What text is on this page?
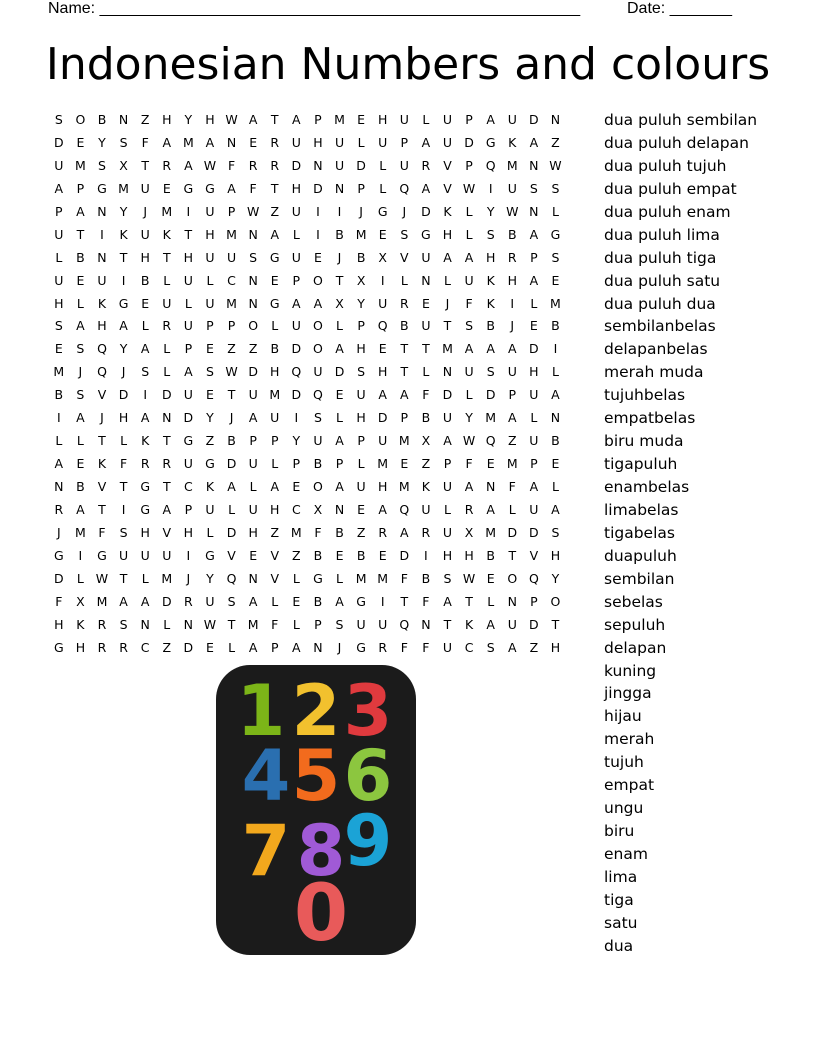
Name: ______________________________________________________	Date: _______
Indonesian Numbers and colours
S	O B	N	Z	H	Y	H W A	T	A	P M E	H U	L	U	P	A	U D N
D	E	Y	S	F	A M A	N	E	R	U H U	L	U	P	A	U D G	K	A	Z
U M S	X	T	R	A W F	R	R D N U D	L	U	R	V	P	Q M N W
A	P	G M U	E	G G A	F	T	H D N	P	L	Q A	V W	I	U	S	S
P	A	N	Y	J	M	I	U	P W Z	U	I	I	J	G	J	D	K	L	Y W N	L
U	T	I	K	U	K	T	H M N	A	L	I	B M E	S	G H	L	S	B	A G
L	B	N	T	H	T	H U U	S	G U	E	J	B	X	V	U	A	A	H	R	P	S
U	E	U	I	B	L	U	L	C	N	E	P	O	T	X	I	L	N	L	U	K	H	A	E
H	L	K	G	E	U	L	U M N G A	A	X	Y	U	R	E	J	F	K	I	L	M
S	A	H	A	L	R	U	P	P	O	L	U O	L	P	Q B	U	T	S	B	J	E	B
E	S	Q	Y	A	L	P	E	Z	Z	B D O A	H	E	T	T M A	A	A D	I
M	J	Q	J	S	L	A	S W D H Q U D	S	H	T	L	N U	S	U H	L
B	S	V D	I	D U	E	T	U M D Q	E	U	A	A	F	D	L	D	P	U	A
I	A	J	H	A	N D	Y	J	A	U	I	S	L	H D	P	B	U	Y M A	L	N
L	L	T	L	K	T	G Z	B	P	P	Y	U	A	P	U M X	A W Q Z	U	B
A	E	K	F	R	R	U G D U	L	P	B	P	L	M E	Z	P	F	E M P	E
N	B	V	T	G	T	C	K	A	L	A	E	O A	U H M K	U	A	N	F	A	L
R	A	T	I	G A	P	U	L	U H	C	X	N	E	A Q U	L	R	A	L	U	A
J	M	F	S	H	V	H	L	D H	Z M	F	B	Z	R	A	R	U	X M D D	S
G	I	G U U U	I	G V	E	V	Z	B	E	B	E	D	I	H H	B	T	V	H
D	L W T	L	M	J	Y	Q N	V	L	G	L	M M	F	B	S W E	O Q	Y
F	X M A	A D R	U	S	A	L	E	B	A G	I	T	F	A	T	L	N	P	O
H	K	R	S	N	L	N W T M	F	L	P	S	U U Q N	T	K	A	U D	T
G H	R	R	C	Z D	E	L	A	P	A	N	J	G R	F	F	U	C	S	A	Z	H
dua puluh sembilan
dua puluh delapan
dua puluh tujuh
dua puluh empat
dua puluh enam
dua puluh lima
dua puluh tiga
dua puluh satu
dua puluh dua
sembilanbelas
delapanbelas
merah muda
tujuhbelas
empatbelas
biru muda
tigapuluh
enambelas
limabelas
tigabelas
duapuluh
sembilan
sebelas
sepuluh
delapan
kuning
jingga
hijau
merah
tujuh
empat
ungu
biru
enam
lima
tiga
satu
dua
1 2 3
4 5 6
7 8
9
0
